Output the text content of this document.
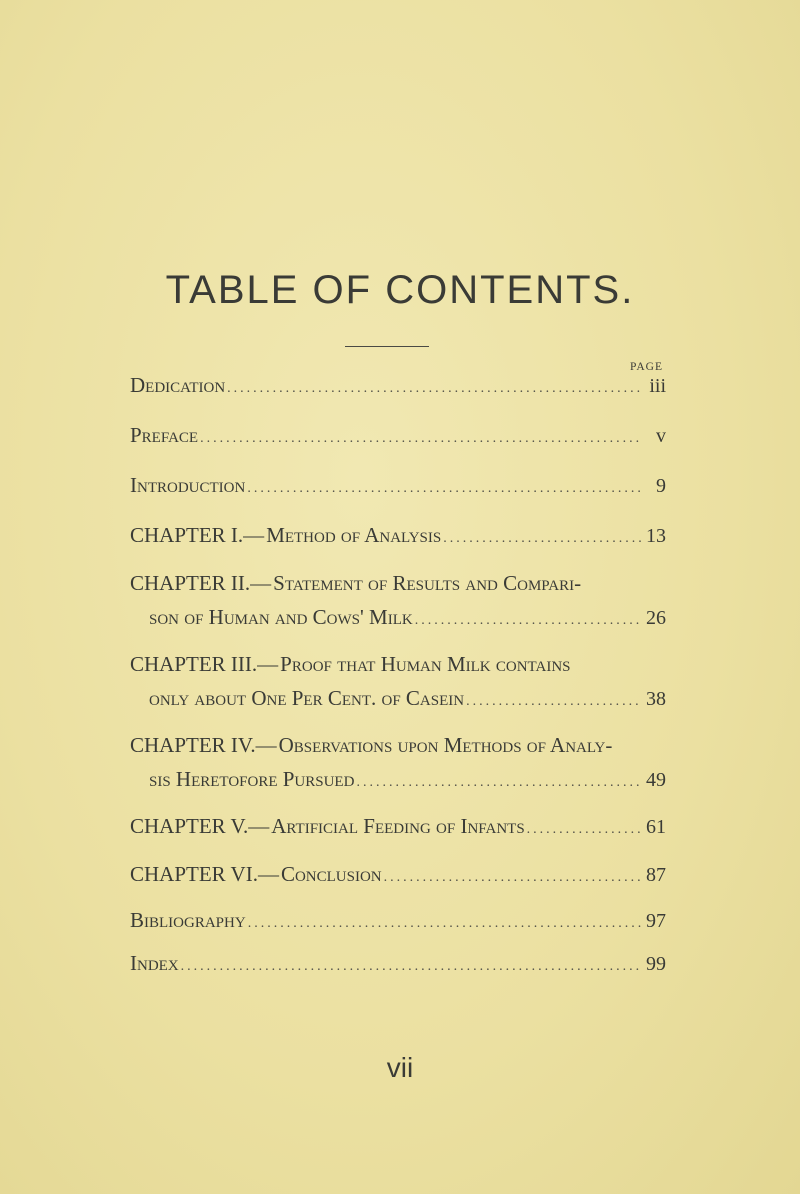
TABLE OF CONTENTS.
PAGE
Dedication .....	iii
Preface .....	v
Introduction .....	9
CHAPTER I.— Method of Analysis .....	13
CHAPTER II.— Statement of Results and Compari-
son of Human and Cows' Milk .....	26
CHAPTER III.— Proof that Human Milk contains
only about One Per Cent. of Casein .....	38
CHAPTER IV.— Observations upon Methods of Analy-
sis Heretofore Pursued .....	49
CHAPTER V.— Artificial Feeding of Infants .....	61
CHAPTER VI.— Conclusion .....	87
Bibliography .....	97
Index .....	99
vii
